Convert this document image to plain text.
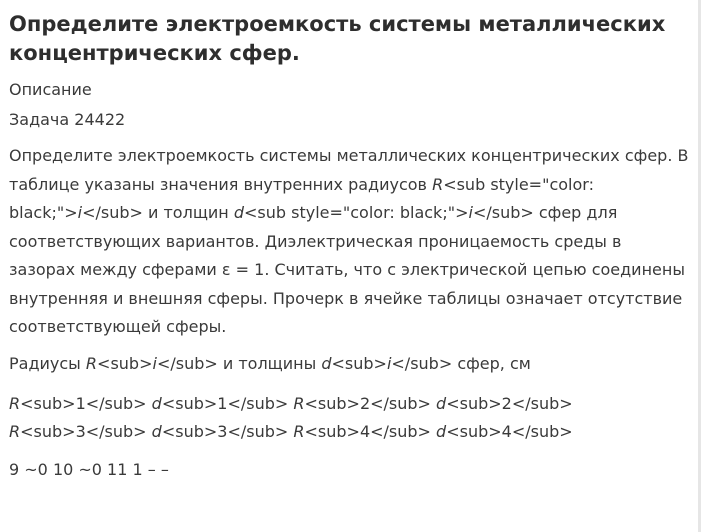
Определите электроемкость системы металлических концентрических сфер.
Описание
Задача 24422

Определите электроемкость системы металлических концентрических сфер. В таблице указаны значения внутренних радиусов R<sub style="color: black;">i</sub> и толщин d<sub style="color: black;">i</sub> сфер для соответствующих вариантов. Диэлектрическая проницаемость среды в зазорах между сферами ε = 1. Считать, что с электрической цепью соединены внутренняя и внешняя сферы. Прочерк в ячейке таблицы означает отсутствие соответствующей сферы.

Радиусы R<sub>i</sub> и толщины d<sub>i</sub> сфер, см
R<sub>1</sub> d<sub>1</sub> R<sub>2</sub> d<sub>2</sub> R<sub>3</sub> d<sub>3</sub> R<sub>4</sub> d<sub>4</sub>
9 ~0 10 ~0 11 1 – –
